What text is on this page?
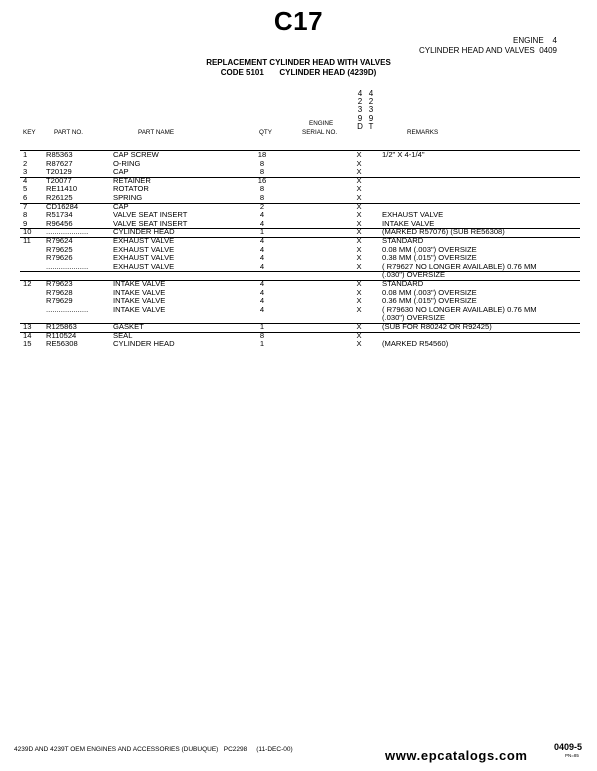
C17
ENGINE 4
CYLINDER HEAD AND VALVES 0409
REPLACEMENT CYLINDER HEAD WITH VALVES
CODE 5101       CYLINDER HEAD (4239D)
KEY	PART NO.	PART NAME	QTY
ENGINE
SERIAL NO.	REMARKS
4
2
3
9
D
4
2
3
9
T
1 R85363	CAP SCREW	18	X	1/2" X 4-1/4"
2 R87627	O-RING	8	X
3 T20129	CAP	8	X
4 T20077	RETAINER	16	X
5 RE11410	ROTATOR	8	X
6 R26125	SPRING	8	X
7 CD16284	CAP	2	X
8 R51734	VALVE SEAT INSERT	4	X	EXHAUST VALVE
9 R96456	VALVE SEAT INSERT	4	X	INTAKE VALVE
10 ....................	CYLINDER HEAD	1	X	(MARKED R57076) (SUB RE56308)
11 R79624	EXHAUST VALVE	4	X	STANDARD
R79625	EXHAUST VALVE	4	X	0.08 MM (.003") OVERSIZE
R79626	EXHAUST VALVE	4	X	0.38 MM (.015") OVERSIZE
....................	EXHAUST VALVE	4	X	( R79627 NO LONGER AVAILABLE) 0.76 MM
(.030") OVERSIZE
12 R79623	INTAKE VALVE	4	X	STANDARD
R79628	INTAKE VALVE	4	X	0.08 MM (.003") OVERSIZE
R79629	INTAKE VALVE	4	X	0.36 MM (.015") OVERSIZE
....................	INTAKE VALVE	4	X	( R79630 NO LONGER AVAILABLE) 0.76 MM
(.030") OVERSIZE
13 R125863	GASKET	1	X	(SUB FOR R80242 OR R92425)
14 R110524	SEAL	8	X
15 RE56308	CYLINDER HEAD	1	X	(MARKED R54560)
4239D AND 4239T OEM ENGINES AND ACCESSORIES (DUBUQUE)   PC2298     (11-DEC-00)	0409-5
PN=85
www.epcatalogs.com
